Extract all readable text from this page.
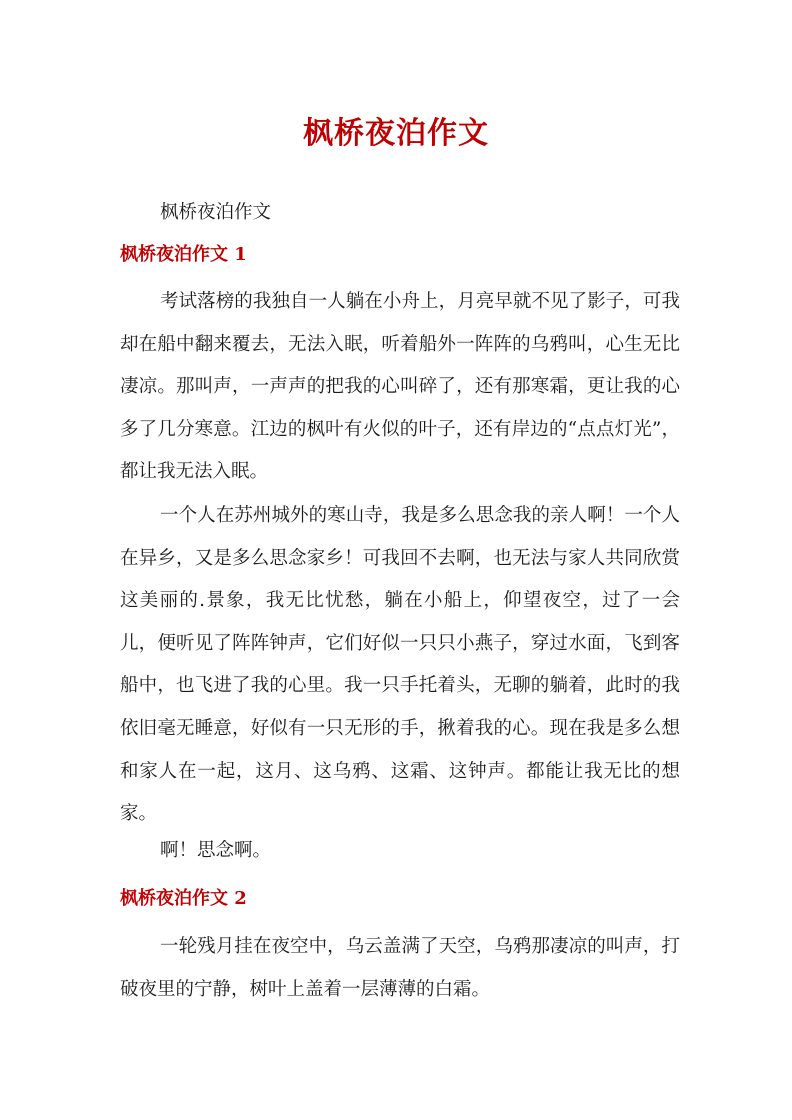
枫桥夜泊作文
枫桥夜泊作文
枫桥夜泊作文 1

考试落榜的我独自一人躺在小舟上，月亮早就不见了影子，可我却在船中翻来覆去，无法入眠，听着船外一阵阵的乌鸦叫，心生无比凄凉。那叫声，一声声的把我的心叫碎了，还有那寒霜，更让我的心多了几分寒意。江边的枫叶有火似的叶子，还有岸边的“点点灯光”，都让我无法入眠。

一个人在苏州城外的寒山寺，我是多么思念我的亲人啊！一个人在异乡，又是多么思念家乡！可我回不去啊，也无法与家人共同欣赏这美丽的.景象，我无比忧愁，躺在小船上，仰望夜空，过了一会儿，便听见了阵阵钟声，它们好似一只只小燕子，穿过水面，飞到客船中，也飞进了我的心里。我一只手托着头，无聊的躺着，此时的我依旧毫无睡意，好似有一只无形的手，揪着我的心。现在我是多么想和家人在一起，这月、这乌鸦、这霜、这钟声。都能让我无比的想家。

啊！思念啊。
枫桥夜泊作文 2

一轮残月挂在夜空中，乌云盖满了天空，乌鸦那凄凉的叫声，打破夜里的宁静，树叶上盖着一层薄薄的白霜。
